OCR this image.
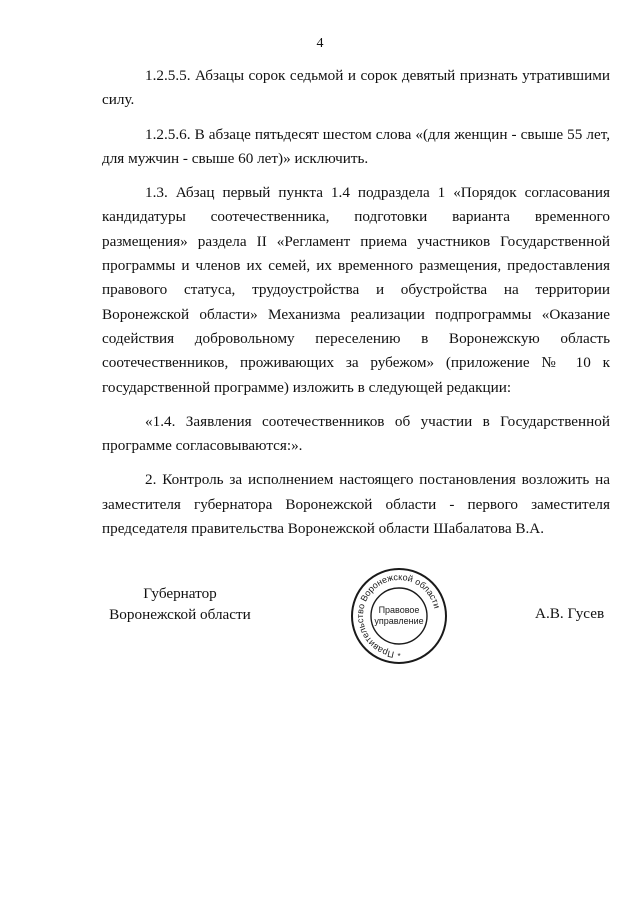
4

1.2.5.5. Абзацы сорок седьмой и сорок девятый признать утратившими силу.

1.2.5.6. В абзаце пятьдесят шестом слова «(для женщин - свыше 55 лет, для мужчин - свыше 60 лет)» исключить.

1.3. Абзац первый пункта 1.4 подраздела 1 «Порядок согласования кандидатуры соотечественника, подготовки варианта временного размещения» раздела II «Регламент приема участников Государственной программы и членов их семей, их временного размещения, предоставления правового статуса, трудоустройства и обустройства на территории Воронежской области» Механизма реализации подпрограммы «Оказание содействия добровольному переселению в Воронежскую область соотечественников, проживающих за рубежом» (приложение № 10 к государственной программе) изложить в следующей редакции:

«1.4. Заявления соотечественников об участии в Государственной программе согласовываются:».

2. Контроль за исполнением настоящего постановления возложить на заместителя губернатора Воронежской области - первого заместителя председателя правительства Воронежской области Шабалатова В.А.

Губернатор
Воронежской области
Правительство Воронежской области
Правовое
управление
*
А.В. Гусев
